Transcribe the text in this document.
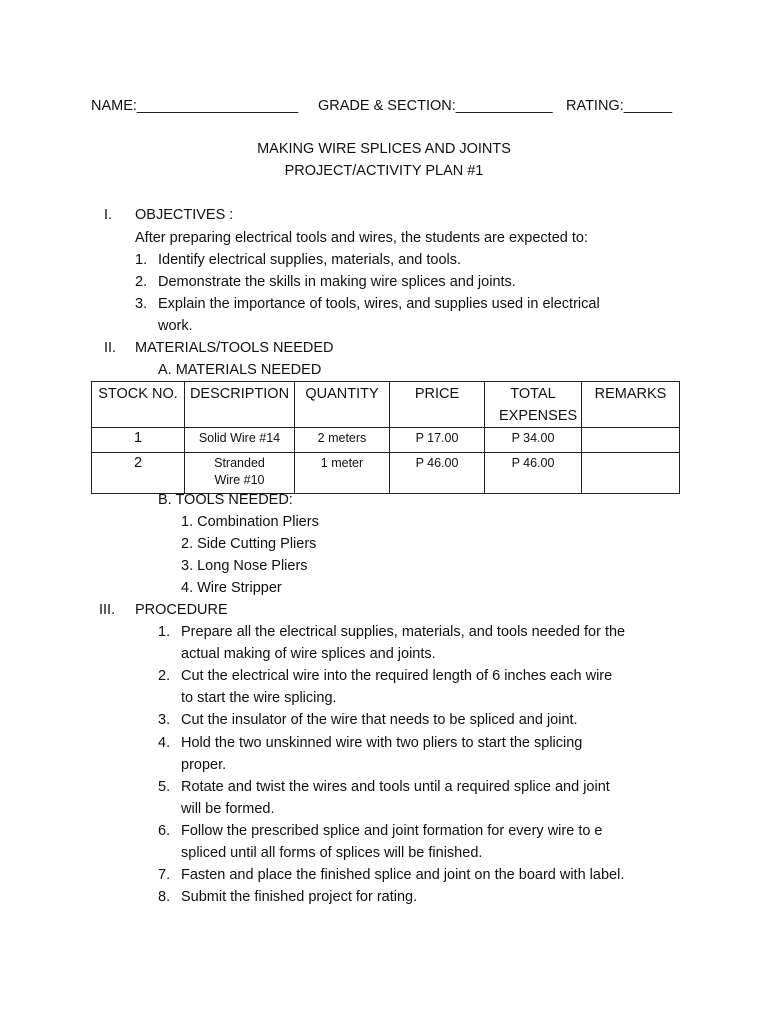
NAME:____________________ GRADE & SECTION:____________ RATING:______
MAKING WIRE SPLICES AND JOINTS
PROJECT/ACTIVITY PLAN #1
I. OBJECTIVES :
After preparing electrical tools and wires, the students are expected to:
1. Identify electrical supplies, materials, and tools.
2. Demonstrate the skills in making wire splices and joints.
3. Explain the importance of tools, wires, and supplies used in electrical
work.
II. MATERIALS/TOOLS NEEDED
A. MATERIALS NEEDED
STOCK NO.	DESCRIPTION	QUANTITY	PRICE	TOTAL EXPENSES	REMARKS
1	Solid Wire #14	2 meters	P 17.00	P 34.00	
2	Stranded Wire #10	1 meter	P 46.00	P 46.00	
B. TOOLS NEEDED:
1. Combination Pliers
2. Side Cutting Pliers
3. Long Nose Pliers
4. Wire Stripper
III. PROCEDURE
1. Prepare all the electrical supplies, materials, and tools needed for the
actual making of wire splices and joints.
2. Cut the electrical wire into the required length of 6 inches each wire
to start the wire splicing.
3. Cut the insulator of the wire that needs to be spliced and joint.
4. Hold the two unskinned wire with two pliers to start the splicing
proper.
5. Rotate and twist the wires and tools until a required splice and joint
will be formed.
6. Follow the prescribed splice and joint formation for every wire to e
spliced until all forms of splices will be finished.
7. Fasten and place the finished splice and joint on the board with label.
8. Submit the finished project for rating.
